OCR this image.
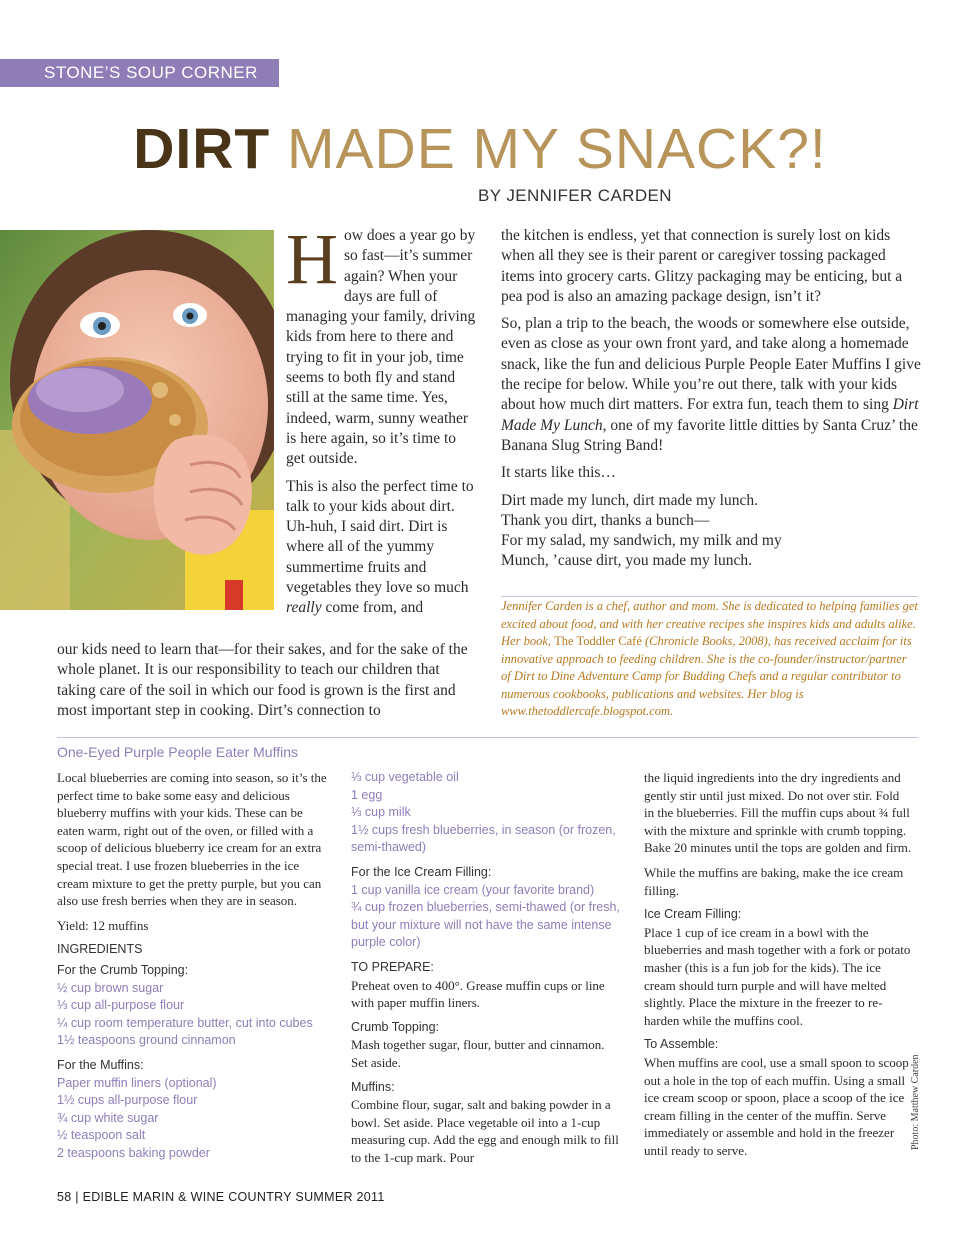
STONE’S SOUP CORNER
DIRT MADE MY SNACK?!
BY JENNIFER CARDEN
H ow does a year go by so fast—it’s summer again? When your days are full of managing your family, driving kids from here to there and trying to fit in your job, time seems to both fly and stand still at the same time. Yes, indeed, warm, sunny weather is here again, so it’s time to get outside.

This is also the perfect time to talk to your kids about dirt. Uh-huh, I said dirt. Dirt is where all of the yummy summertime fruits and vegetables they love so much really come from, and

our kids need to learn that—for their sakes, and for the sake of the whole planet. It is our responsibility to teach our children that taking care of the soil in which our food is grown is the first and most important step in cooking. Dirt’s connection to

the kitchen is endless, yet that connection is surely lost on kids when all they see is their parent or caregiver tossing packaged items into grocery carts. Glitzy packaging may be enticing, but a pea pod is also an amazing package design, isn’t it?

So, plan a trip to the beach, the woods or somewhere else outside, even as close as your own front yard, and take along a homemade snack, like the fun and delicious Purple People Eater Muffins I give the recipe for below. While you’re out there, talk with your kids about how much dirt matters. For extra fun, teach them to sing Dirt Made My Lunch, one of my favorite little ditties by Santa Cruz’ the Banana Slug String Band!

It starts like this…

Dirt made my lunch, dirt made my lunch.
Thank you dirt, thanks a bunch—
For my salad, my sandwich, my milk and my
Munch, ’cause dirt, you made my lunch.
Jennifer Carden is a chef, author and mom. She is dedicated to helping families get excited about food, and with her creative recipes she inspires kids and adults alike. Her book, The Toddler Café (Chronicle Books, 2008), has received acclaim for its innovative approach to feeding children. She is the co-founder/instructor/partner of Dirt to Dine Adventure Camp for Budding Chefs and a regular contributor to numerous cookbooks, publications and websites. Her blog is www.thetoddlercafe.blogspot.com.
One-Eyed Purple People Eater Muffins

Local blueberries are coming into season, so it’s the perfect time to bake some easy and delicious blueberry muffins with your kids. These can be eaten warm, right out of the oven, or filled with a scoop of delicious blueberry ice cream for an extra special treat. I use frozen blueberries in the ice cream mixture to get the pretty purple, but you can also use fresh berries when they are in season.

Yield: 12 muffins

INGREDIENTS
For the Crumb Topping:
½ cup brown sugar
⅓ cup all-purpose flour
¼ cup room temperature butter, cut into cubes
1½ teaspoons ground cinnamon
For the Muffins:
Paper muffin liners (optional)
1½ cups all-purpose flour
¾ cup white sugar
½ teaspoon salt
2 teaspoons baking powder
⅓ cup vegetable oil
1 egg
⅓ cup milk
1½ cups fresh blueberries, in season (or frozen, semi-thawed)
For the Ice Cream Filling:
1 cup vanilla ice cream (your favorite brand)
¾ cup frozen blueberries, semi-thawed (or fresh, but your mixture will not have the same intense purple color)
TO PREPARE:

Preheat oven to 400°. Grease muffin cups or line with paper muffin liners.

Crumb Topping:

Mash together sugar, flour, butter and cinnamon. Set aside.

Muffins:

Combine flour, sugar, salt and baking powder in a bowl. Set aside. Place vegetable oil into a 1-cup measuring cup. Add the egg and enough milk to fill to the 1-cup mark. Pour

the liquid ingredients into the dry ingredients and gently stir until just mixed. Do not over stir. Fold in the blueberries. Fill the muffin cups about ¾ full with the mixture and sprinkle with crumb topping. Bake 20 minutes until the tops are golden and firm.

While the muffins are baking, make the ice cream filling.

Ice Cream Filling:

Place 1 cup of ice cream in a bowl with the blueberries and mash together with a fork or potato masher (this is a fun job for the kids). The ice cream should turn purple and will have melted slightly. Place the mixture in the freezer to re-harden while the muffins cool.

To Assemble:

When muffins are cool, use a small spoon to scoop out a hole in the top of each muffin. Using a small ice cream scoop or spoon, place a scoop of the ice cream filling in the center of the muffin. Serve immediately or assemble and hold in the freezer until ready to serve.

Photo: Matthew Carden
58 | EDIBLE MARIN & WINE COUNTRY SUMMER 2011
